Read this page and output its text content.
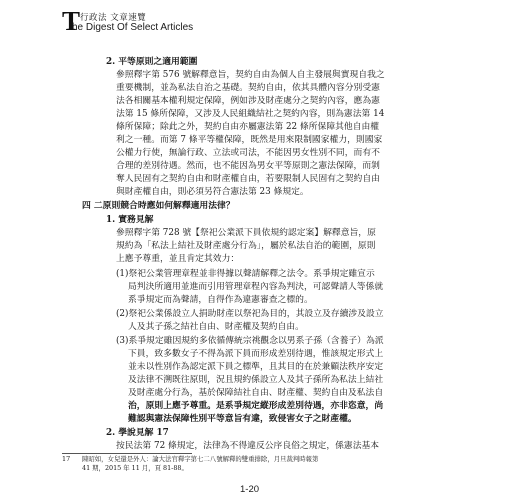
T 行政法 文章速覽
he Digest Of Select Articles
2. 平等原則之適用範圍
參照釋字第 576 號解釋意旨，契約自由為個人自主發展與實現自我之
重要機制，並為私法自治之基礎。契約自由，依其具體內容分別受憲
法各相關基本權利規定保障，例如涉及財產處分之契約內容，應為憲
法第 15 條所保障，又涉及人民組織結社之契約內容，則為憲法第 14
條所保障；除此之外，契約自由亦屬憲法第 22 條所保障其他自由權
利之一種。而第 7 條平等權保障，既然是用來限制國家權力，則國家
公權力行使，無論行政、立法或司法，不能因男女性別不同，而有不
合理的差別待遇。然而，也不能因為男女平等原則之憲法保障，而剝
奪人民固有之契約自由和財產權自由，若要限制人民固有之契約自由
與財產權自由，則必須另符合憲法第 23 條規定。
四 二原則競合時應如何解釋適用法律？
1. 實務見解
參照釋字第 728 號【祭祀公業派下員依規約認定案】解釋意旨，原
規約為「私法上結社及財產處分行為」，屬於私法自治的範圍，原則
上應予尊重，並且肯定其效力：
(1)祭祀公業管理章程並非得據以聲請解釋之法令。系爭規定雖宣示
局判決所適用並進而引用管理章程內容為判決，可認聲請人等係就
系爭規定而為聲請，自得作為違憲審查之標的。
(2)祭祀公業係設立人捐助財產以祭祀為目的，其設立及存續涉及設立
人及其子孫之結社自由、財產權及契約自由。
(3)系爭規定雖因規約多依循傳統宗祧觀念以男系子孫（含養子）為派
下員，致多數女子不得為派下員而形成差別待遇，惟該規定形式上
並未以性別作為認定派下員之標準，且其目的在於兼顧法秩序安定
及法律不溯既往原則，況且規約係設立人及其子孫所為私法上結社
及財產處分行為，基於保障結社自由、財產權、契約自由及私法自
治，原則上應予尊重。是系爭規定縱形成差別待遇，亦非恣意，尚
難認與憲法保障性別平等意旨有違，致侵害女子之財產權。
2. 學說見解 17
按民法第 72 條規定，法律為不得違反公序良俗之規定，係憲法基本
17 陳昭如，女兒還是外人：論大法官釋字第七二八號解釋的雙重排除，月旦裁判時報第
41 期，2015 年 11 月，頁 81-88。
1-20
